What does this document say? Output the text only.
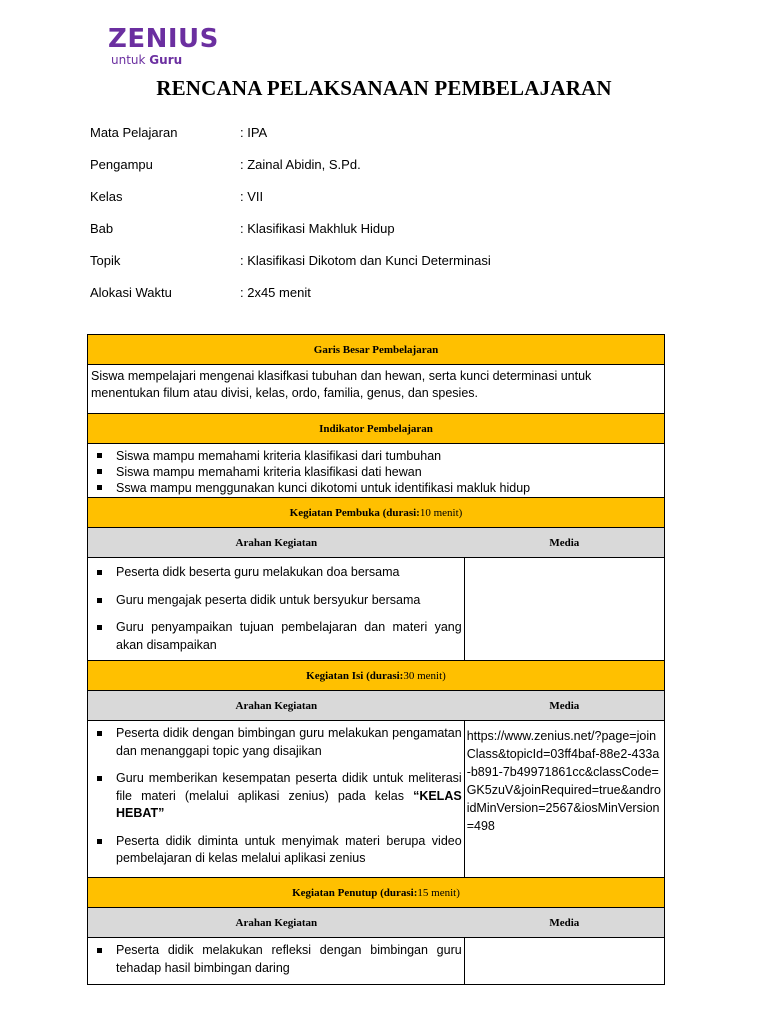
ZENIUS
untuk Guru
RENCANA PELAKSANAAN PEMBELAJARAN
Mata Pelajaran	: IPA
Pengampu	: Zainal Abidin, S.Pd.
Kelas	: VII
Bab	: Klasifikasi Makhluk Hidup
Topik	: Klasifikasi Dikotom dan Kunci Determinasi
Alokasi Waktu	: 2x45 menit
Garis Besar Pembelajaran
Siswa mempelajari mengenai klasifkasi tubuhan dan hewan, serta kunci determinasi untuk menentukan filum atau divisi, kelas, ordo, familia, genus, dan spesies.
Indikator Pembelajaran
Siswa mampu memahami kriteria klasifikasi dari tumbuhan
Siswa mampu memahami kriteria klasifikasi dati hewan
Sswa mampu menggunakan kunci dikotomi untuk identifikasi makluk hidup
Kegiatan Pembuka (durasi: 10 menit)
Arahan Kegiatan	Media
Peserta didk beserta guru melakukan doa bersama
Guru mengajak peserta didik untuk bersyukur bersama
Guru penyampaikan tujuan pembelajaran dan materi yang akan disampaikan
Kegiatan Isi (durasi: 30 menit)
Arahan Kegiatan	Media
Peserta didik dengan bimbingan guru melakukan pengamatan dan menanggapi topic yang disajikan
Guru memberikan kesempatan peserta didik untuk meliterasi file materi (melalui aplikasi zenius) pada kelas “KELAS HEBAT”
Peserta didik diminta untuk menyimak materi berupa video pembelajaran di kelas melalui aplikasi zenius
https://www.zenius.net/?page=joinClass&topicId=03ff4baf-88e2-433a-b891-7b49971861cc&classCode=GK5zuV&joinRequired=true&androidMinVersion=2567&iosMinVersion=498
Kegiatan Penutup (durasi: 15 menit)
Arahan Kegiatan	Media
Peserta didik melakukan refleksi dengan bimbingan guru tehadap hasil bimbingan daring
